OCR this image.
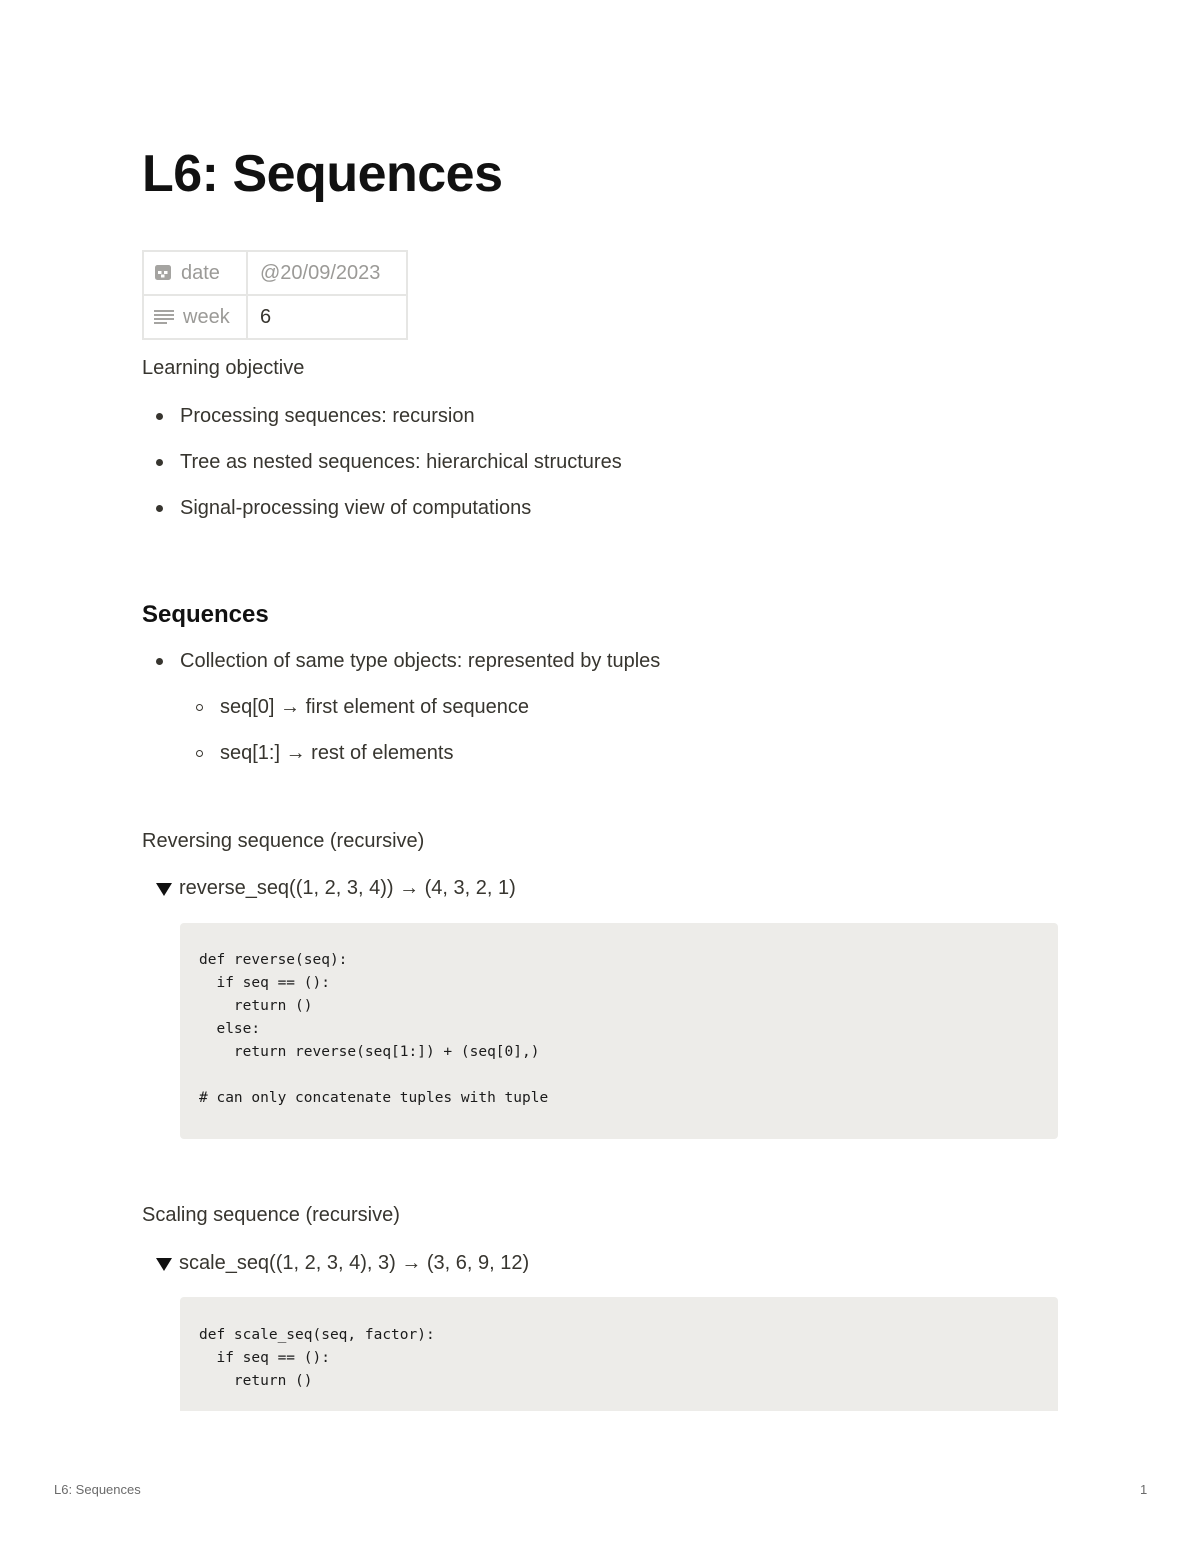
L6: Sequences
date	@20/09/2023
week	6

Learning objective

Processing sequences: recursion
Tree as nested sequences: hierarchical structures
Signal-processing view of computations
Sequences
Collection of same type objects: represented by tuples
seq[0] → first element of sequence
seq[1:] → rest of elements

Reversing sequence (recursive)

reverse_seq((1, 2, 3, 4)) → (4, 3, 2, 1)
def reverse(seq):
if seq == ():
return ()
else:
return reverse(seq[1:]) + (seq[0],)

# can only concatenate tuples with tuple

Scaling sequence (recursive)

scale_seq((1, 2, 3, 4), 3) → (3, 6, 9, 12)
def scale_seq(seq, factor):
if seq == ():
return ()
L6: Sequences	1
